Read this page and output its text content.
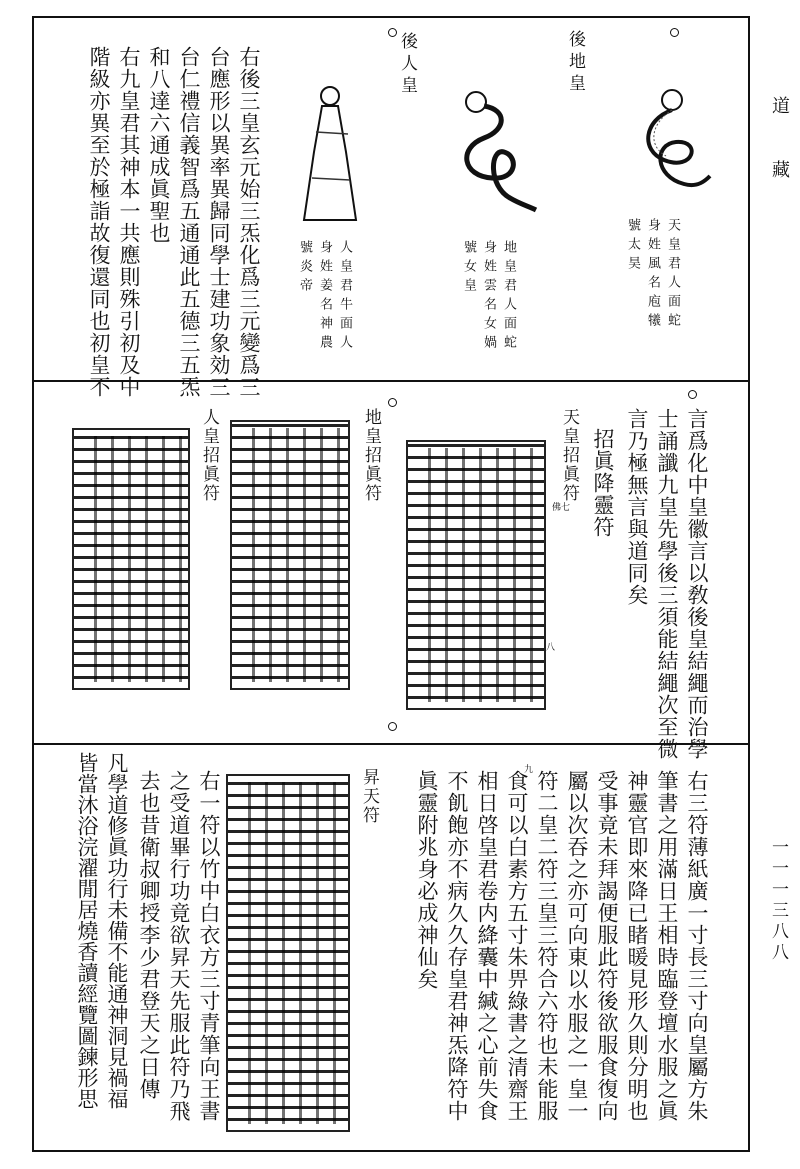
道藏
一一一三八八
後地皇
後人皇
天皇君人面蛇
身姓風名庖犧
號太昊
地皇君人面蛇
身姓雲名女媧
號女皇
人皇君牛面人
身姓姜名神農
號炎帝
右後三皇玄元始三炁化爲三元變爲三
台應形以異率異歸同學士建功象効三
台仁禮信義智爲五通通此五德三五炁
和八達六通成眞聖也
右九皇君其神本一共應則殊引初及中
階級亦異至於極詣故復還同也初皇不
言爲化中皇徽言以敎後皇結繩而治學
士誦讖九皇先學後三須能結繩次至微
言乃極無言與道同矣
招眞降靈符
天皇招眞符
佛七
八
地皇招眞符
人皇招眞符
右三符薄紙廣一寸長三寸向皇屬方朱
筆書之用滿日王相時臨登壇水服之眞
神靈官即來降已睹暖見形久則分明也
受事竟未拜謁便服此符後欲服食復向
屬以次吞之亦可向東以水服之一皇一
符二皇二符三皇三符合六符也未能服
食可以白素方五寸朱畀綠書之清齋王
相日啓皇君卷内絳囊中緘之心前失食
不飢飽亦不病久久存皇君神炁降符中
眞靈附兆身必成神仙矣	九
昇天符
右一符以竹中白衣方三寸青筆向王書
之受道畢行功竟欲昇天先服此符乃飛
去也昔衛叔卿授李少君登天之日傳
凡學道修眞功行未備不能通神洞見禍福
皆當沐浴浣濯閒居燒香讀經覽圖鍊形思
